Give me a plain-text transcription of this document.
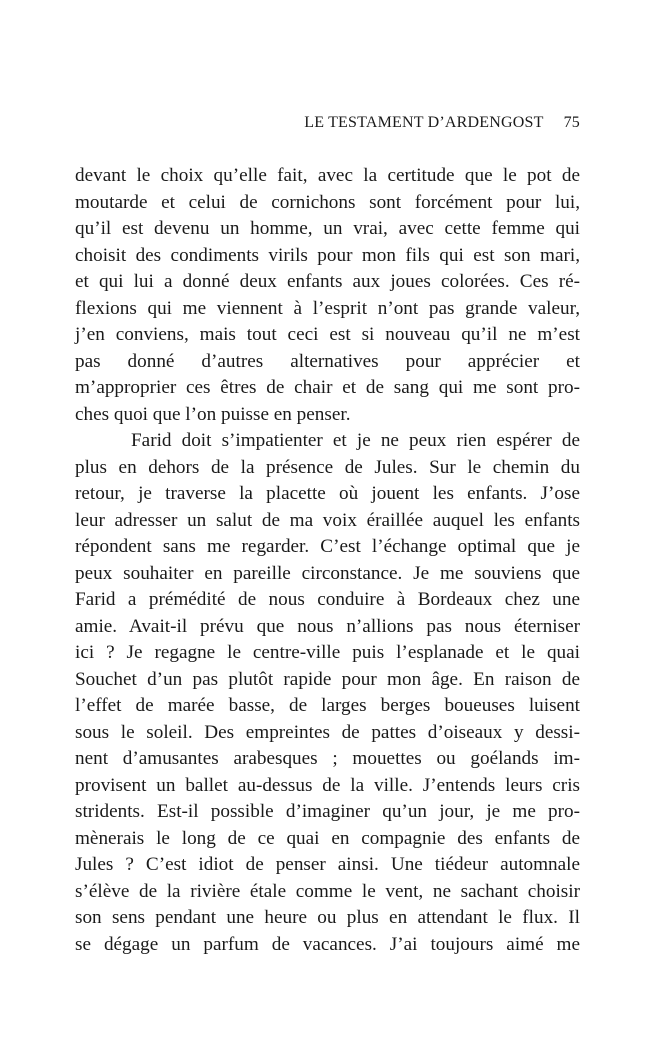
LE TESTAMENT D’ARDENGOST 75
devant le choix qu’elle fait, avec la certitude que le pot de
moutarde et celui de cornichons sont forcément pour lui,
qu’il est devenu un homme, un vrai, avec cette femme qui
choisit des condiments virils pour mon fils qui est son mari,
et qui lui a donné deux enfants aux joues colorées. Ces ré-
flexions qui me viennent à l’esprit n’ont pas grande valeur,
j’en conviens, mais tout ceci est si nouveau qu’il ne m’est
pas donné d’autres alternatives pour apprécier et
m’approprier ces êtres de chair et de sang qui me sont pro-
ches quoi que l’on puisse en penser.
Farid doit s’impatienter et je ne peux rien espérer de
plus en dehors de la présence de Jules. Sur le chemin du
retour, je traverse la placette où jouent les enfants. J’ose
leur adresser un salut de ma voix éraillée auquel les enfants
répondent sans me regarder. C’est l’échange optimal que je
peux souhaiter en pareille circonstance. Je me souviens que
Farid a prémédité de nous conduire à Bordeaux chez une
amie. Avait-il prévu que nous n’allions pas nous éterniser
ici ? Je regagne le centre-ville puis l’esplanade et le quai
Souchet d’un pas plutôt rapide pour mon âge. En raison de
l’effet de marée basse, de larges berges boueuses luisent
sous le soleil. Des empreintes de pattes d’oiseaux y dessi-
nent d’amusantes arabesques ; mouettes ou goélands im-
provisent un ballet au-dessus de la ville. J’entends leurs cris
stridents. Est-il possible d’imaginer qu’un jour, je me pro-
mènerais le long de ce quai en compagnie des enfants de
Jules ? C’est idiot de penser ainsi. Une tiédeur automnale
s’élève de la rivière étale comme le vent, ne sachant choisir
son sens pendant une heure ou plus en attendant le flux. Il
se dégage un parfum de vacances. J’ai toujours aimé me
